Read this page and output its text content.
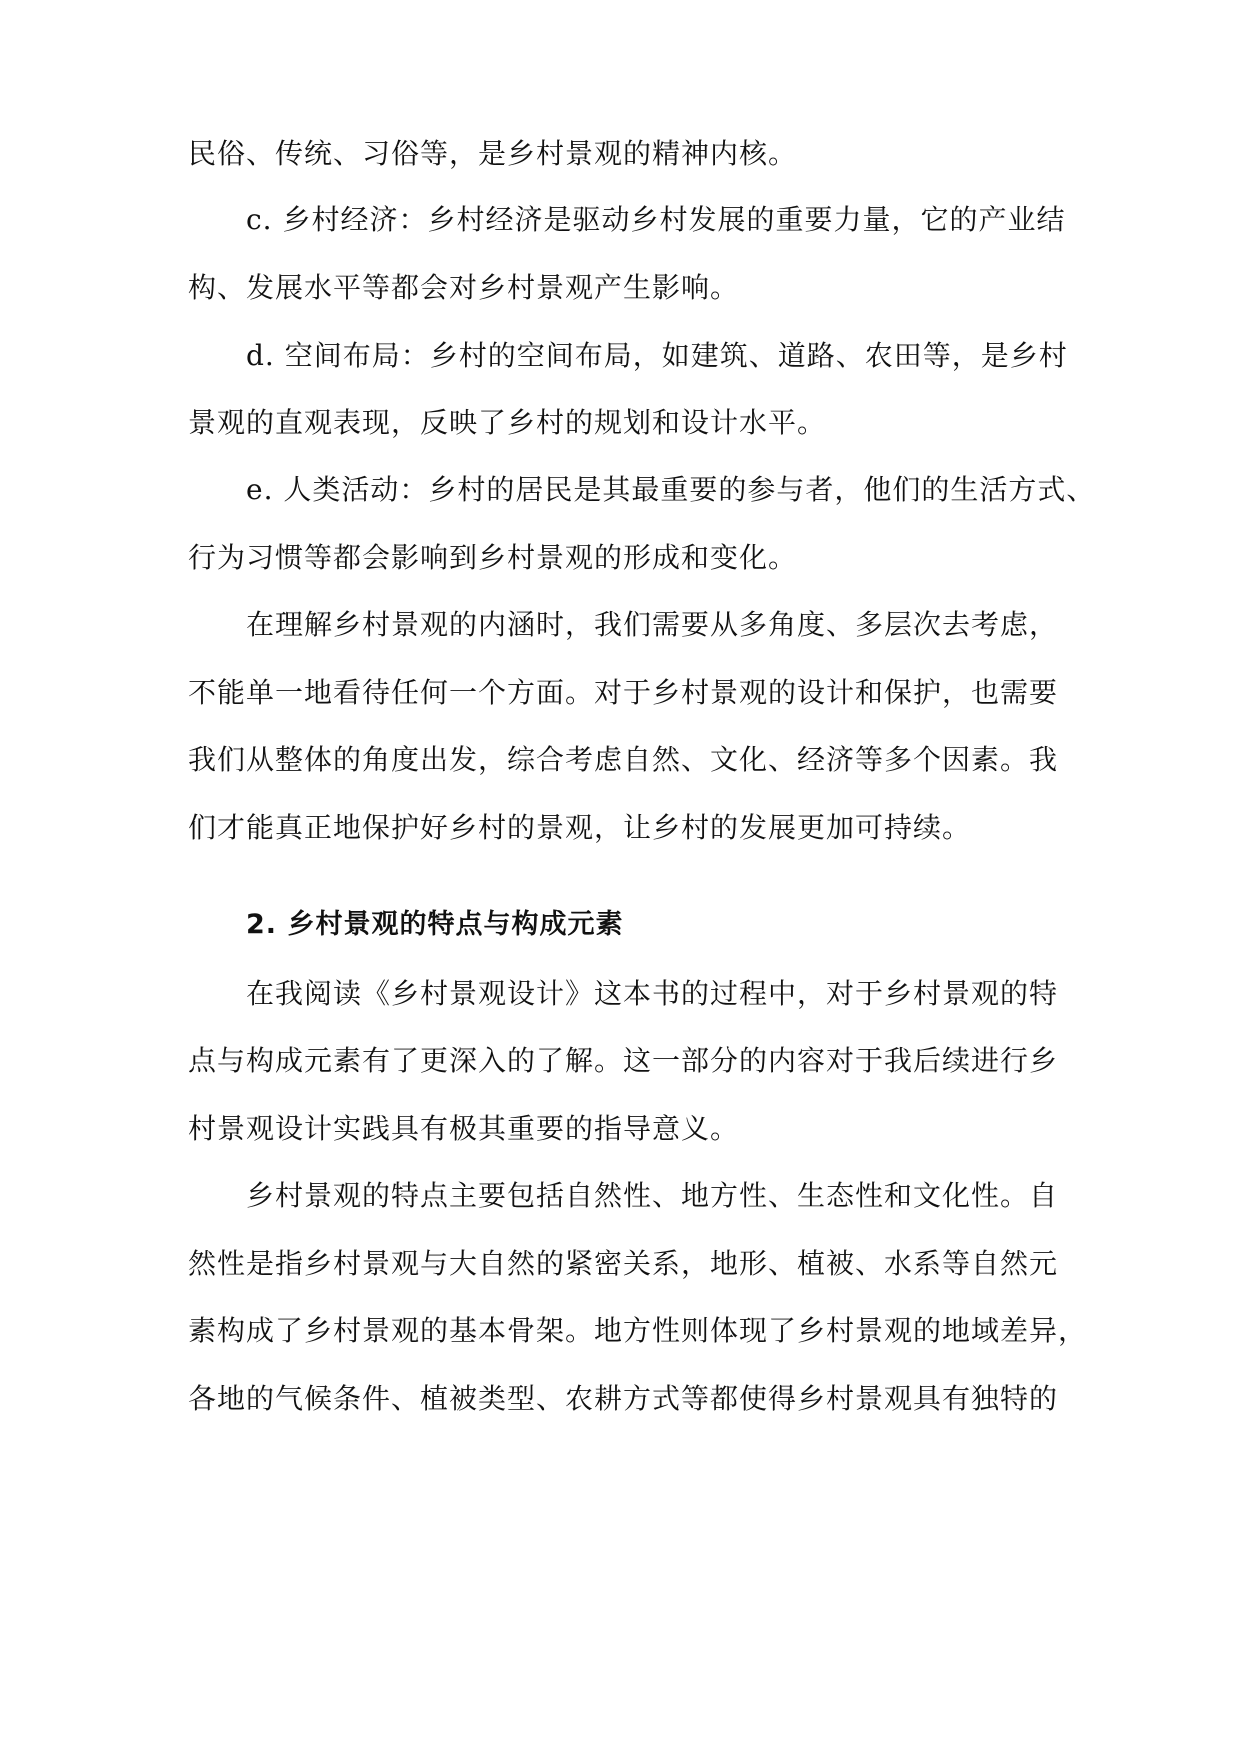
民俗、传统、习俗等，是乡村景观的精神内核。
c. 乡村经济：乡村经济是驱动乡村发展的重要力量，它的产业结
构、发展水平等都会对乡村景观产生影响。
d. 空间布局：乡村的空间布局，如建筑、道路、农田等，是乡村
景观的直观表现，反映了乡村的规划和设计水平。
e. 人类活动：乡村的居民是其最重要的参与者，他们的生活方式、
行为习惯等都会影响到乡村景观的形成和变化。
在理解乡村景观的内涵时，我们需要从多角度、多层次去考虑，
不能单一地看待任何一个方面。对于乡村景观的设计和保护，也需要
我们从整体的角度出发，综合考虑自然、文化、经济等多个因素。我
们才能真正地保护好乡村的景观，让乡村的发展更加可持续。
2. 乡村景观的特点与构成元素
在我阅读《乡村景观设计》这本书的过程中，对于乡村景观的特
点与构成元素有了更深入的了解。这一部分的内容对于我后续进行乡
村景观设计实践具有极其重要的指导意义。
乡村景观的特点主要包括自然性、地方性、生态性和文化性。自
然性是指乡村景观与大自然的紧密关系，地形、植被、水系等自然元
素构成了乡村景观的基本骨架。地方性则体现了乡村景观的地域差异，
各地的气候条件、植被类型、农耕方式等都使得乡村景观具有独特的
